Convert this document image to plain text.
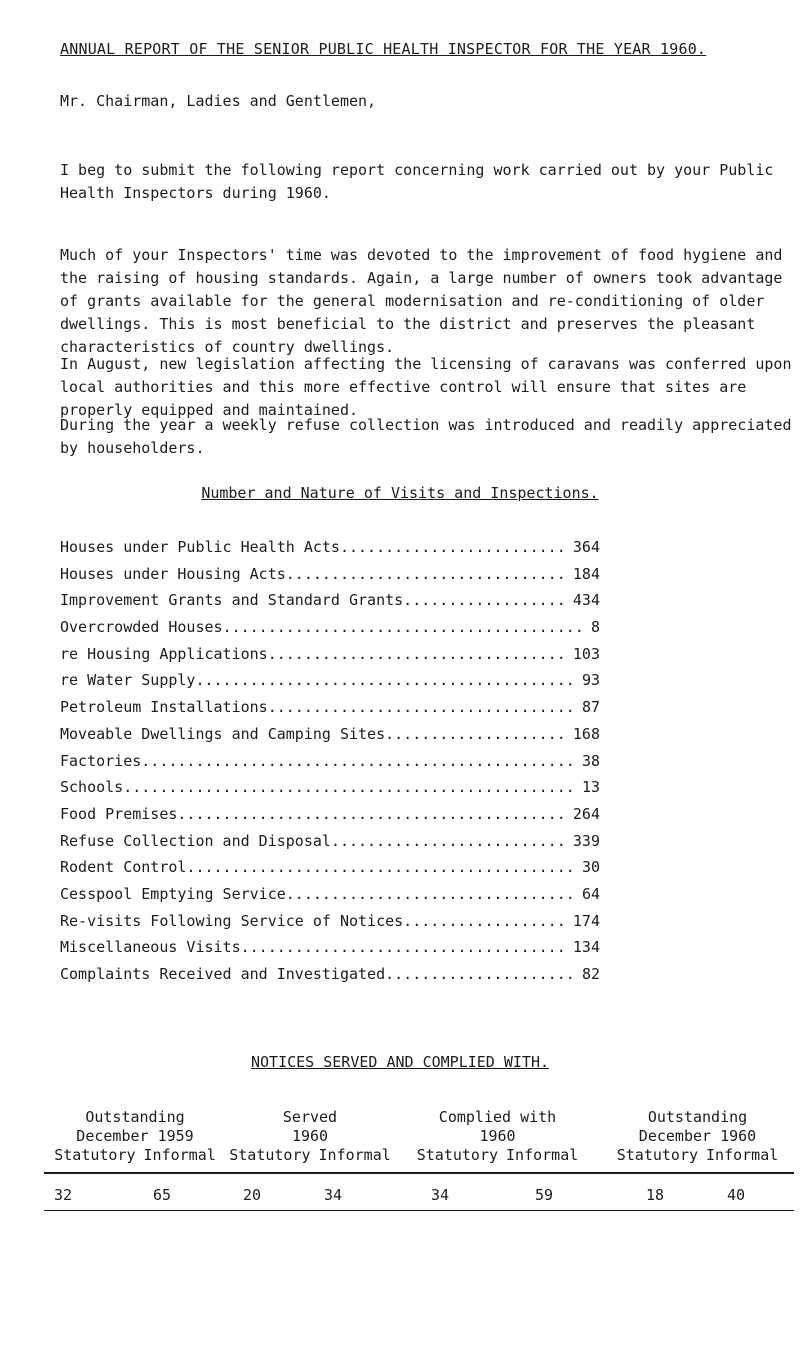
ANNUAL REPORT OF THE SENIOR PUBLIC HEALTH INSPECTOR FOR THE YEAR 1960.
Mr. Chairman, Ladies and Gentlemen,
I beg to submit the following report concerning work carried out by your Public Health Inspectors during 1960.
Much of your Inspectors' time was devoted to the improvement of food hygiene and the raising of housing standards. Again, a large number of owners took advantage of grants available for the general modernisation and re-conditioning of older dwellings. This is most beneficial to the district and preserves the pleasant characteristics of country dwellings.
In August, new legislation affecting the licensing of caravans was conferred upon local authorities and this more effective control will ensure that sites are properly equipped and maintained.
During the year a weekly refuse collection was introduced and readily appreciated by householders.
Number and Nature of Visits and Inspections.
Houses under Public Health Acts .....	364
Houses under Housing Acts .....	184
Improvement Grants and Standard Grants .....	434
Overcrowded Houses .....	8
re Housing Applications .....	103
re Water Supply .....	93
Petroleum Installations .....	87
Moveable Dwellings and Camping Sites .....	168
Factories .....	38
Schools .....	13
Food Premises .....	264
Refuse Collection and Disposal .....	339
Rodent Control .....	30
Cesspool Emptying Service .....	64
Re-visits Following Service of Notices .....	174
Miscellaneous Visits .....	134
Complaints Received and Investigated .....	82
NOTICES SERVED AND COMPLIED WITH.
Outstanding
December 1959
Statutory Informal
Served
1960
Statutory Informal
Complied with
1960
Statutory Informal
Outstanding
December 1960
Statutory Informal
32	65	20	34	34	59	18	40
